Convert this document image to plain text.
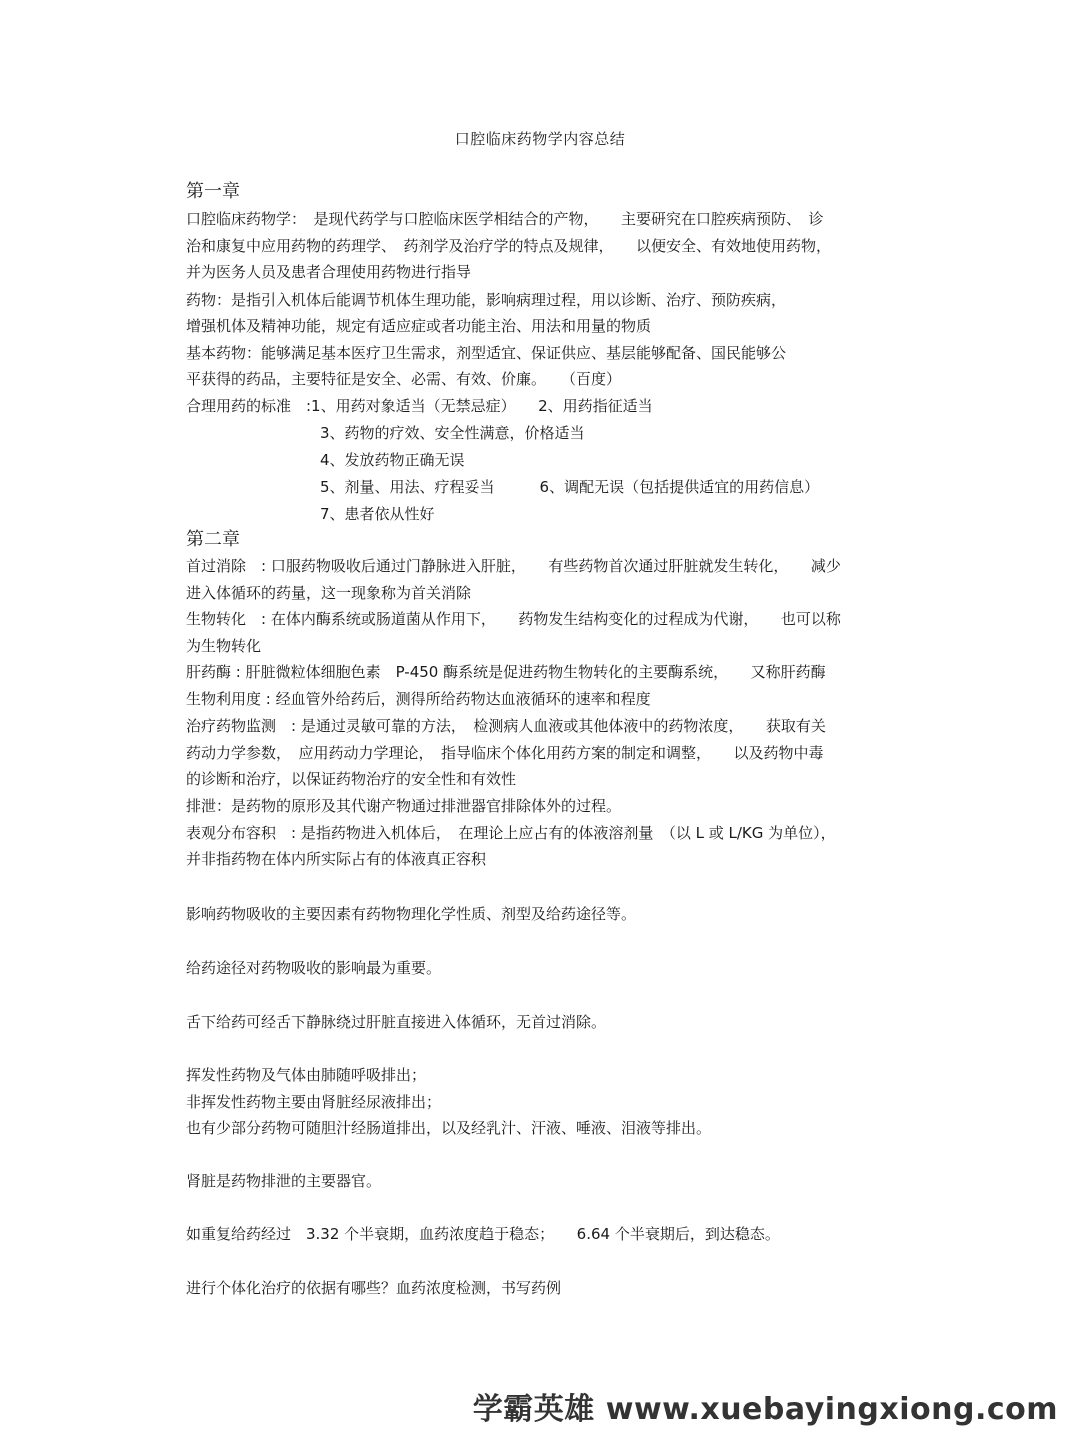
口腔临床药物学内容总结
第一章
口腔临床药物学：　是现代药学与口腔临床医学相结合的产物，　　主要研究在口腔疾病预防、　诊
治和康复中应用药物的药理学、　药剂学及治疗学的特点及规律，　　以便安全、有效地使用药物，
并为医务人员及患者合理使用药物进行指导
药物：是指引入机体后能调节机体生理功能，影响病理过程，用以诊断、治疗、预防疾病，
增强机体及精神功能，规定有适应症或者功能主治、用法和用量的物质
基本药物：能够满足基本医疗卫生需求，剂型适宜、保证供应、基层能够配备、国民能够公
平获得的药品，主要特征是安全、必需、有效、价廉。　　（百度）
合理用药的标准　:1、用药对象适当（无禁忌症）　　2、用药指征适当
3、药物的疗效、安全性满意，价格适当
4、发放药物正确无误
5、剂量、用法、疗程妥当　　　6、调配无误（包括提供适宜的用药信息）
7、患者依从性好
第二章
首过消除　: 口服药物吸收后通过门静脉进入肝脏，　　有些药物首次通过肝脏就发生转化，　　减少
进入体循环的药量，这一现象称为首关消除
生物转化　: 在体内酶系统或肠道菌从作用下，　　药物发生结构变化的过程成为代谢，　　也可以称
为生物转化
肝药酶 : 肝脏微粒体细胞色素　P-450 酶系统是促进药物生物转化的主要酶系统，　　又称肝药酶
生物利用度 : 经血管外给药后，测得所给药物达血液循环的速率和程度
治疗药物监测　: 是通过灵敏可靠的方法，　检测病人血液或其他体液中的药物浓度，　　获取有关
药动力学参数，　应用药动力学理论，　指导临床个体化用药方案的制定和调整，　　以及药物中毒
的诊断和治疗，以保证药物治疗的安全性和有效性
排泄：是药物的原形及其代谢产物通过排泄器官排除体外的过程。
表观分布容积　: 是指药物进入机体后，　在理论上应占有的体液溶剂量　（以 L 或 L/KG 为单位），
并非指药物在体内所实际占有的体液真正容积
影响药物吸收的主要因素有药物物理化学性质、剂型及给药途径等。
给药途径对药物吸收的影响最为重要。
舌下给药可经舌下静脉绕过肝脏直接进入体循环，无首过消除。
挥发性药物及气体由肺随呼吸排出；
非挥发性药物主要由肾脏经尿液排出；
也有少部分药物可随胆汁经肠道排出，以及经乳汁、汗液、唾液、泪液等排出。
肾脏是药物排泄的主要器官。
如重复给药经过　3.32 个半衰期，血药浓度趋于稳态；　　6.64 个半衰期后，到达稳态。
进行个体化治疗的依据有哪些？血药浓度检测，书写药例
学霸英雄 www.xuebayingxiong.com
